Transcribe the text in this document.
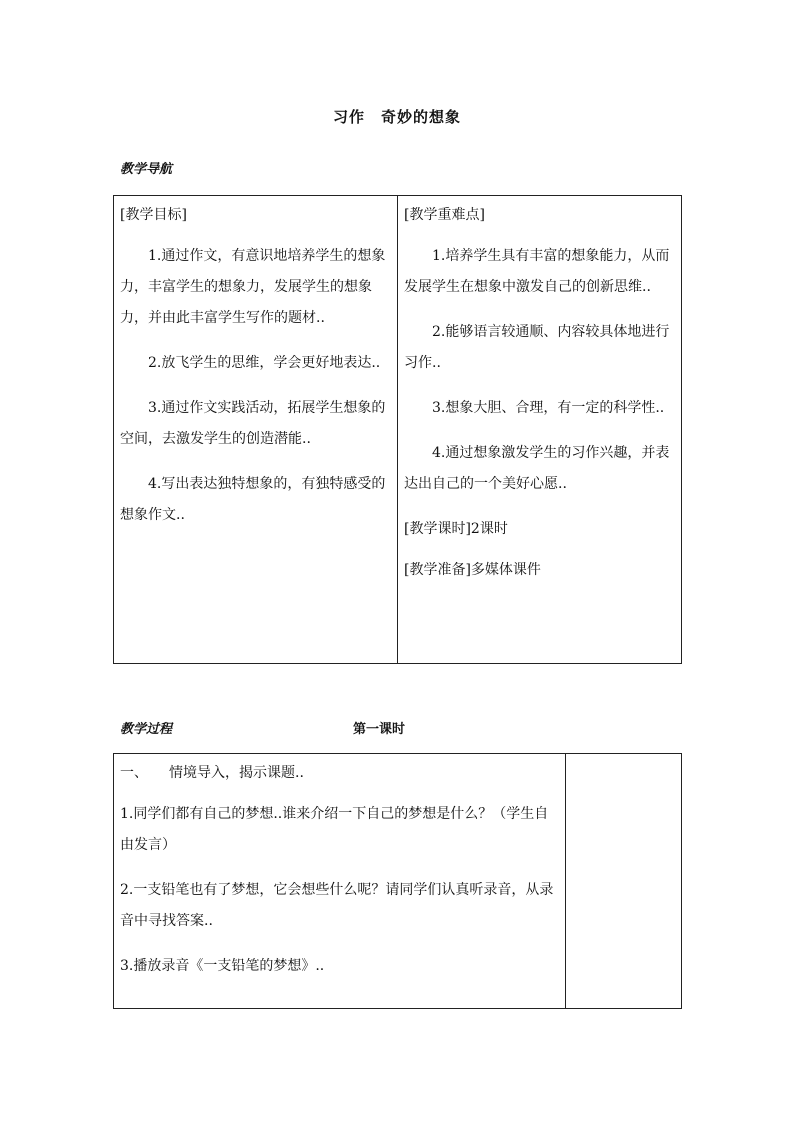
习作　奇妙的想象
教学导航
[教学目标]
1.通过作文，有意识地培养学生的想象力，丰富学生的想象力，发展学生的想象力，并由此丰富学生写作的题材..
2.放飞学生的思维，学会更好地表达..
3.通过作文实践活动，拓展学生想象的空间，去激发学生的创造潜能..
4.写出表达独特想象的，有独特感受的想象作文..

[教学重难点]
1.培养学生具有丰富的想象能力，从而发展学生在想象中激发自己的创新思维..
2.能够语言较通顺、内容较具体地进行习作..
3.想象大胆、合理，有一定的科学性..
4.通过想象激发学生的习作兴趣，并表达出自己的一个美好心愿..
[教学课时]2课时
[教学准备]多媒体课件
教学过程	第一课时
一、　　情境导入，揭示课题..
1.同学们都有自己的梦想..谁来介绍一下自己的梦想是什么？（学生自由发言）
2.一支铅笔也有了梦想，它会想些什么呢？请同学们认真听录音，从录音中寻找答案..
3.播放录音《一支铅笔的梦想》..
